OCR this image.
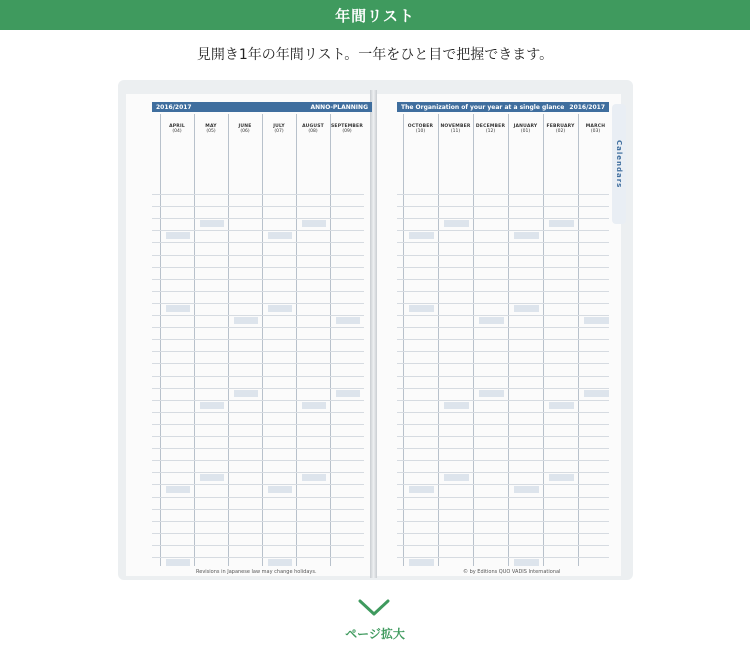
年間リスト
見開き1年の年間リスト。一年をひと目で把握できます。
2016/2017	ANNO-PLANNING
APRIL
(04)
MAY
(05)
JUNE
(06)
JULY
(07)
AUGUST
(08)
SEPTEMBER
(09)
Revisions in Japanese law may change holidays.
The Organization of your year at a single glance 2016/2017
OCTOBER
(10)
NOVEMBER
(11)
DECEMBER
(12)
JANUARY
(01)
FEBRUARY
(02)
MARCH
(03)
© by Editions QUO VADIS International
Calendars
ページ拡大
